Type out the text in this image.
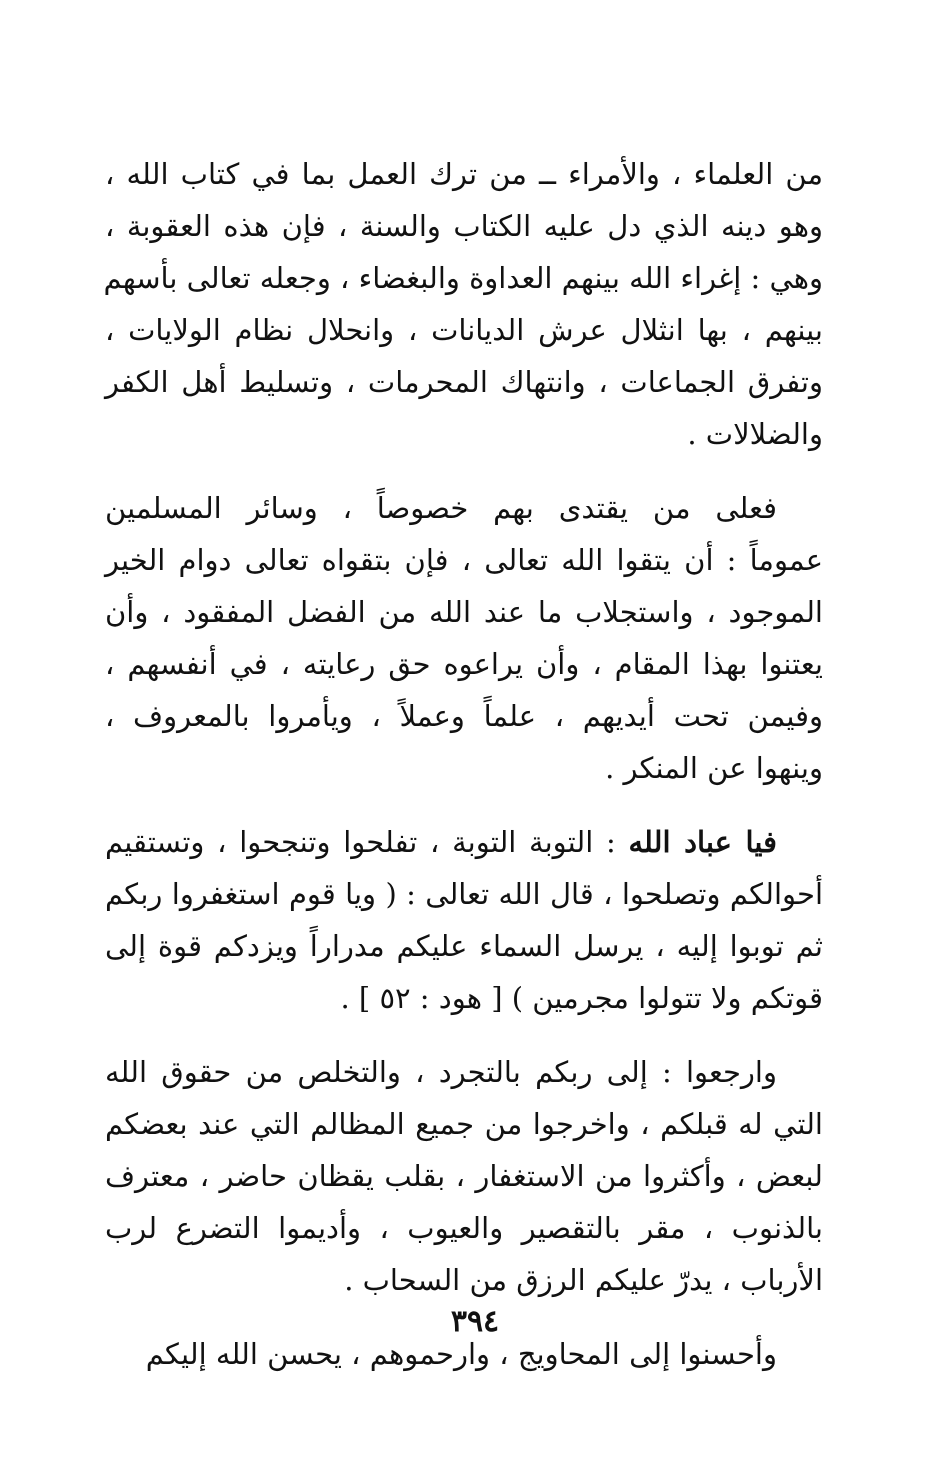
من العلماء ، والأمراء ــ من ترك العمل بما في كتاب الله ،
وهو دينه الذي دل عليه الكتاب والسنة ، فإن هذه العقوبة ،
وهي : إغراء الله بينهم العداوة والبغضاء ، وجعله تعالى بأسهم
بينهم ، بها انثلال عرش الديانات ، وانحلال نظام الولايات ،
وتفرق الجماعات ، وانتهاك المحرمات ، وتسليط أهل الكفر
والضلالات .
فعلى من يقتدى بهم خصوصاً ، وسائر المسلمين
عموماً : أن يتقوا الله تعالى ، فإن بتقواه تعالى دوام الخير
الموجود ، واستجلاب ما عند الله من الفضل المفقود ، وأن
يعتنوا بهذا المقام ، وأن يراعوه حق رعايته ، في أنفسهم ،
وفيمن تحت أيديهم ، علماً وعملاً ، ويأمروا بالمعروف ،
وينهوا عن المنكر .
فيا عباد الله : التوبة التوبة ، تفلحوا وتنجحوا ، وتستقيم
أحوالكم وتصلحوا ، قال الله تعالى : ( ويا قوم استغفروا ربكم
ثم توبوا إليه ، يرسل السماء عليكم مدراراً ويزدكم قوة إلى
قوتكم ولا تتولوا مجرمين ) [ هود : ٥٢ ] .
وارجعوا : إلى ربكم بالتجرد ، والتخلص من حقوق الله
التي له قبلكم ، واخرجوا من جميع المظالم التي عند بعضكم
لبعض ، وأكثروا من الاستغفار ، بقلب يقظان حاضر ، معترف
بالذنوب ، مقر بالتقصير والعيوب ، وأديموا التضرع لرب
الأرباب ، يدرّ عليكم الرزق من السحاب .
وأحسنوا إلى المحاويج ، وارحموهم ، يحسن الله إليكم
٣٩٤
